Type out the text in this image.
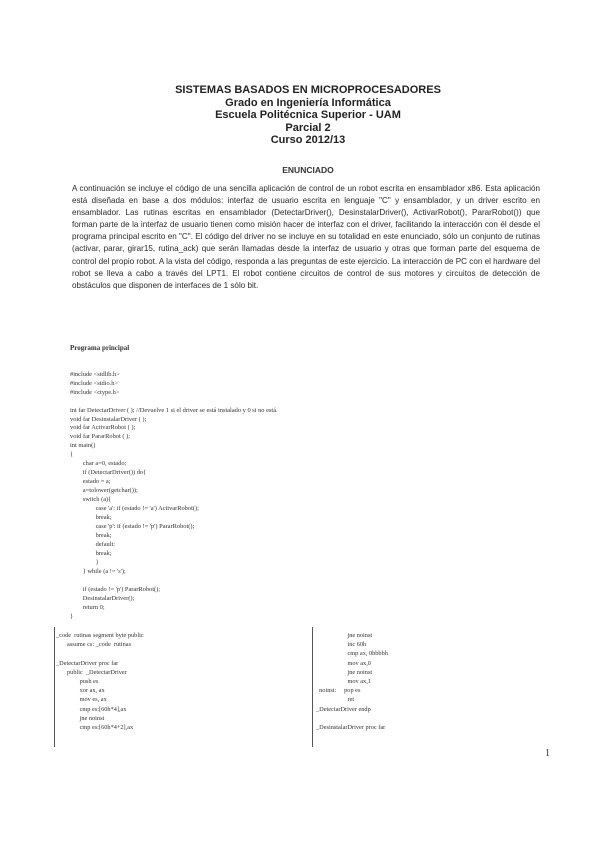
SISTEMAS BASADOS EN MICROPROCESADORES
Grado en Ingeniería Informática
Escuela Politécnica Superior - UAM
Parcial 2
Curso 2012/13
ENUNCIADO
A continuación se incluye el código de una sencilla aplicación de control de un robot escrita en ensamblador x86. Esta aplicación está diseñada en base a dos módulos: interfaz de usuario escrita en lenguaje "C" y ensamblador, y un driver escrito en ensamblador. Las rutinas escritas en ensamblador (DetectarDriver(), DesinstalarDriver(), ActivarRobot(), PararRobot()) que forman parte de la interfaz de usuario tienen como misión hacer de interfaz con el driver, facilitando la interacción con él desde el programa principal escrito en "C". El código del driver no se incluye en su totalidad en este enunciado, sólo un conjunto de rutinas (activar, parar, girar15, rutina_ack) que serán llamadas desde la interfaz de usuario y otras que forman parte del esquema de control del propio robot. A la vista del código, responda a las preguntas de este ejercicio. La interacción de PC con el hardware del robot se lleva a cabo a través del LPT1. El robot contiene circuitos de control de sus motores y circuitos de detección de obstáculos que disponen de interfaces de 1 sólo bit.

Programa principal

#include <stdlib.h>
#include <stdio.h>
#include <ctype.h>

int far DetectarDriver ( ); //Devuelve 1 si el driver se está instalado y 0 si no está.
void far DesinstalarDriver ( );
void far ActivarRobot ( );
void far PararRobot ( );
int main()
{
char a=0, estado;
if (DetectarDriver()) do{
estado = a;
a=tolower(getchar());
switch (a){
case 'a': if (estado != 'a') ActivarRobot();
break;
case 'p': if (estado != 'p') PararRobot();
break;
default:
break;
}
} while (a != 's');

if (estado != 'p') PararRobot();
DesinstalarDriver();
return 0;
}

_code  rutinas segment byte public
assume cs: _code  rutinas

_DetectarDriver proc far
public  _DetectarDriver
push es
xor ax, ax
mov es, ax
cmp es:[60h*4],ax
jne noinst
cmp es:[60h*4+2],ax
jne noinst
inc 60h
cmp ax, 0bbbbh
mov ax,0
jne noinst
mov ax,1
noinst:     pop es
ret
_DetectarDriver endp

_DesinstalarDriver proc far
1
